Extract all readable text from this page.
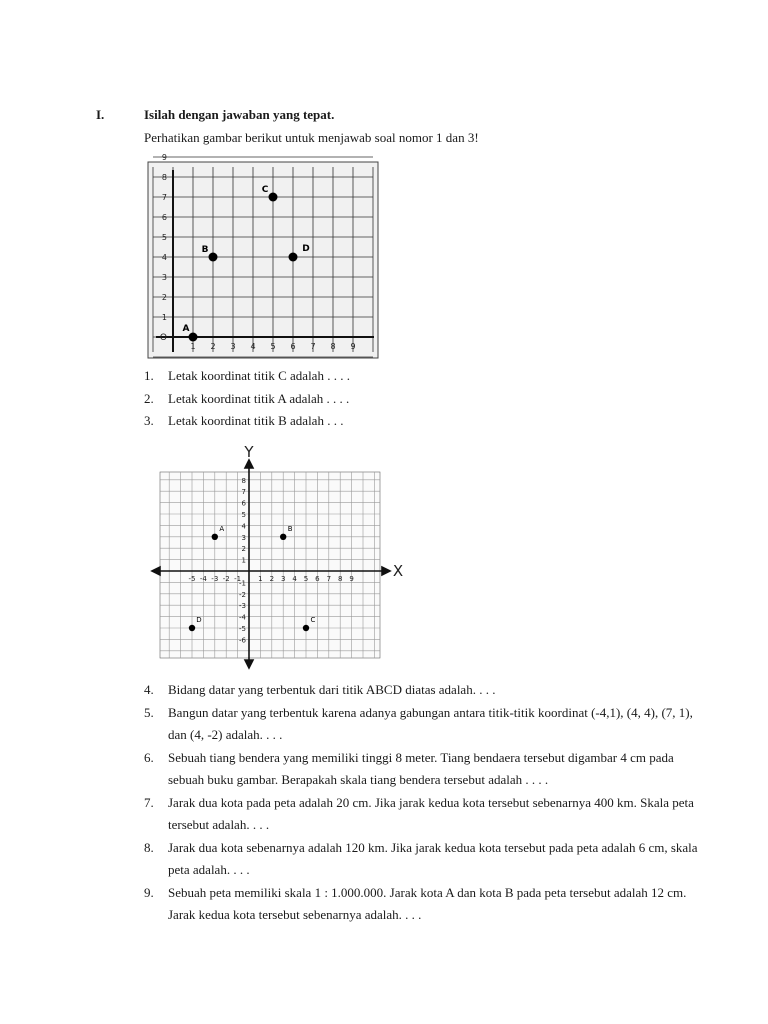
I.	Isilah dengan jawaban yang tepat.
Perhatikan gambar berikut untuk menjawab soal nomor 1 dan 3!
O
1 2 3 4 5 6 7 8 9
1
2
3
4
5
6
7
8
9
A
B
C
D
1.	Letak koordinat titik C adalah . . . .
2.	Letak koordinat titik A adalah . . . .
3.	Letak koordinat titik B adalah . . .
X
Y
-5 -4 -3 -2 -1 1 2 3 4 5 6 7 8 9
8
7
6
5
4
3
2
1
-1
-2
-3
-4
-5
-6
A	B
C
D
4.	Bidang datar yang terbentuk dari titik ABCD diatas adalah. . . .
5.	Bangun datar yang terbentuk karena adanya gabungan antara titik-titik koordinat (-4,1), (4, 4), (7, 1), dan (4, -2) adalah. . . .
6.	Sebuah tiang bendera yang memiliki tinggi 8 meter. Tiang bendaera tersebut digambar 4 cm pada sebuah buku gambar. Berapakah skala tiang bendera tersebut adalah . . . .
7.	Jarak dua kota pada peta adalah 20 cm. Jika jarak kedua kota tersebut sebenarnya 400 km. Skala peta tersebut adalah. . . .
8.	Jarak dua kota sebenarnya adalah 120 km. Jika jarak kedua kota tersebut pada peta adalah 6 cm, skala peta adalah. . . .
9.	Sebuah peta memiliki skala 1 : 1.000.000. Jarak kota A dan kota B pada peta tersebut adalah 12 cm. Jarak kedua kota tersebut sebenarnya adalah. . . .
